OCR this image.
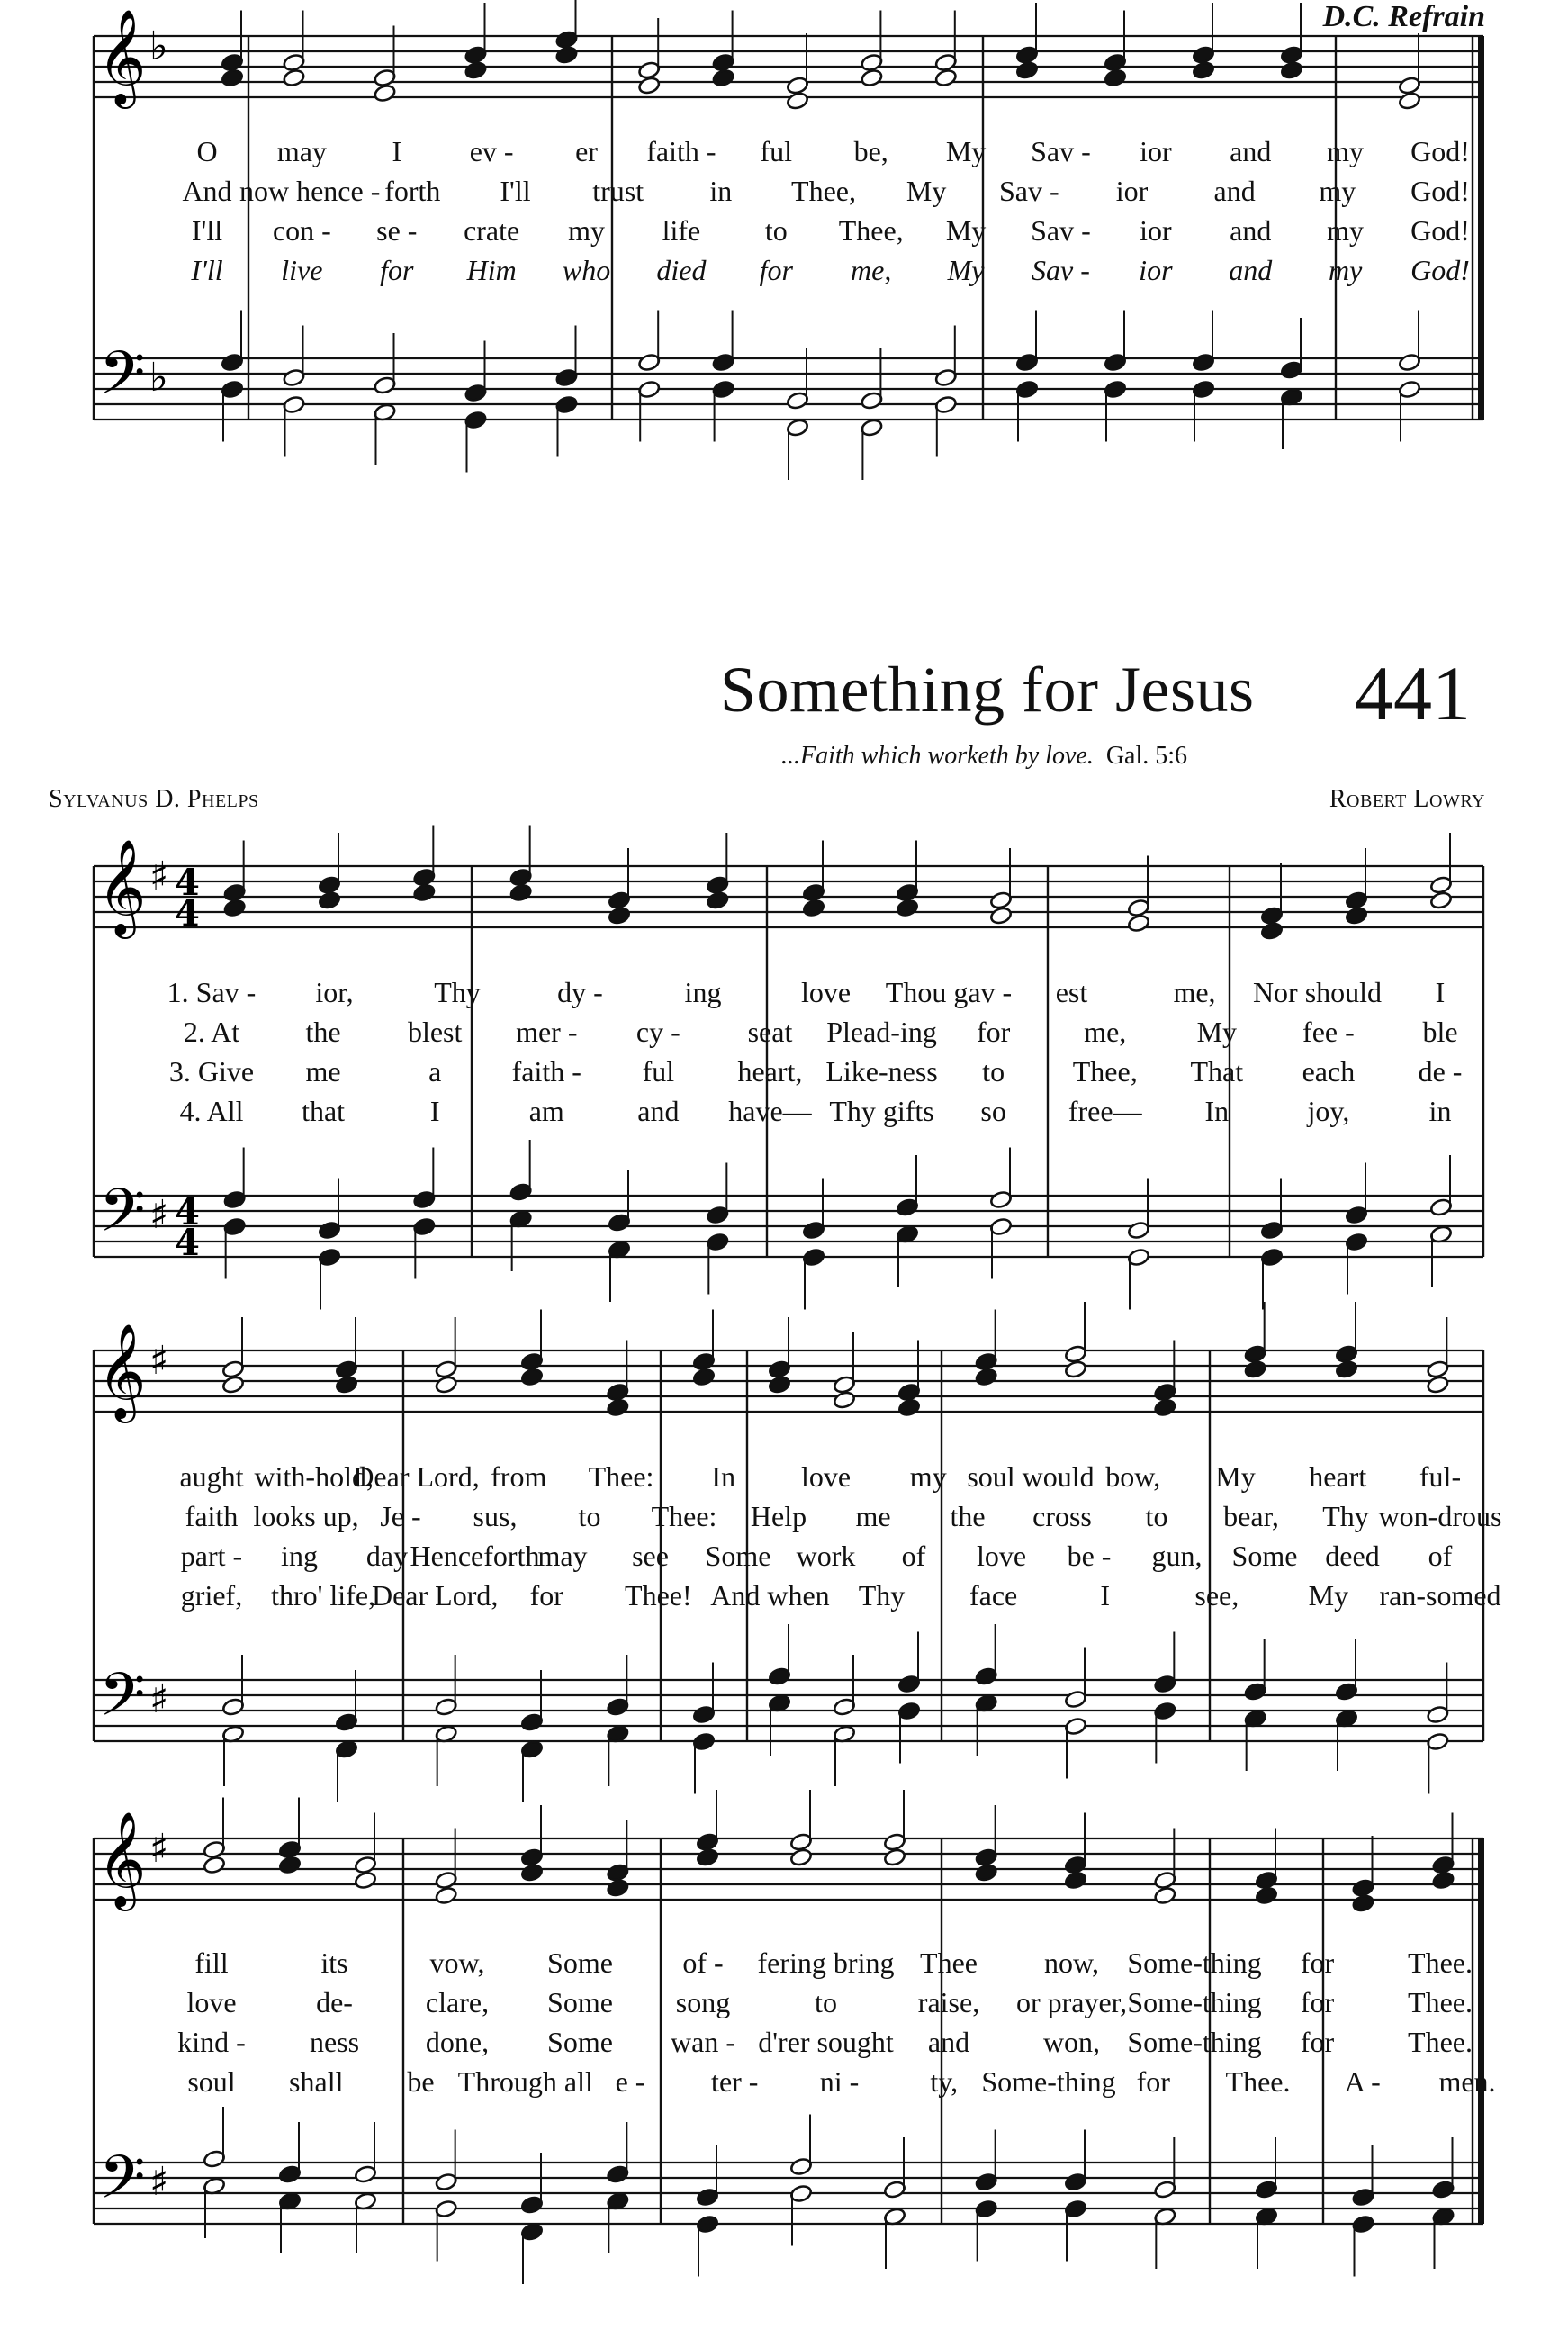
𝄞
𝄢
♭
♭
𝄞
𝄢
♯
♯
4
4
4
4
𝄞
𝄢
♯
♯
𝄞
𝄢
♯
♯
D.C. Refrain
Something for Jesus 441
...Faith which worketh by love. Gal. 5:6
Sylvanus D. Phelps	Robert Lowry
O may I ev - er faith - ful be, My Sav - ior and my God!
And now hence - forth I'll trust in Thee, My Sav - ior and my God!
I'll con - se - crate my life to Thee, My Sav - ior and my God!
I'll live for Him who died for me, My Sav - ior and my God!
1. Sav - ior,	Thy	dy -	ing	love Thou gav - est	me, Nor should I
2. At the blest mer - cy - seat Plead-ing for	me, My fee - ble
3. Give me	a faith - ful heart, Like-ness to Thee, That each de -
4. All that	I	am	and have— Thy gifts so free— In	joy,	in
aught with-hold,
Dear Lord, from Thee: In love my soul would bow, My heart ful-
faith looks up, Je - sus, to Thee: Help me the cross to bear, Thy won-drous
part - ing day Henceforth
may see Some work of love be - gun, Some deed of
grief, thro' life,
Dear Lord, for Thee! And when Thy face	I	see, My ran-somed
fill	its	vow, Some of - fering bring Thee now, Some-thing for	Thee.
love	de-	clare, Some song	to	raise, or prayer, Some-thing for	Thee.
kind - ness done, Some wan - d'rer sought and	won, Some-thing for	Thee.
soul shall be Through all e - ter - ni - ty, Some-thing for Thee. A - men.
